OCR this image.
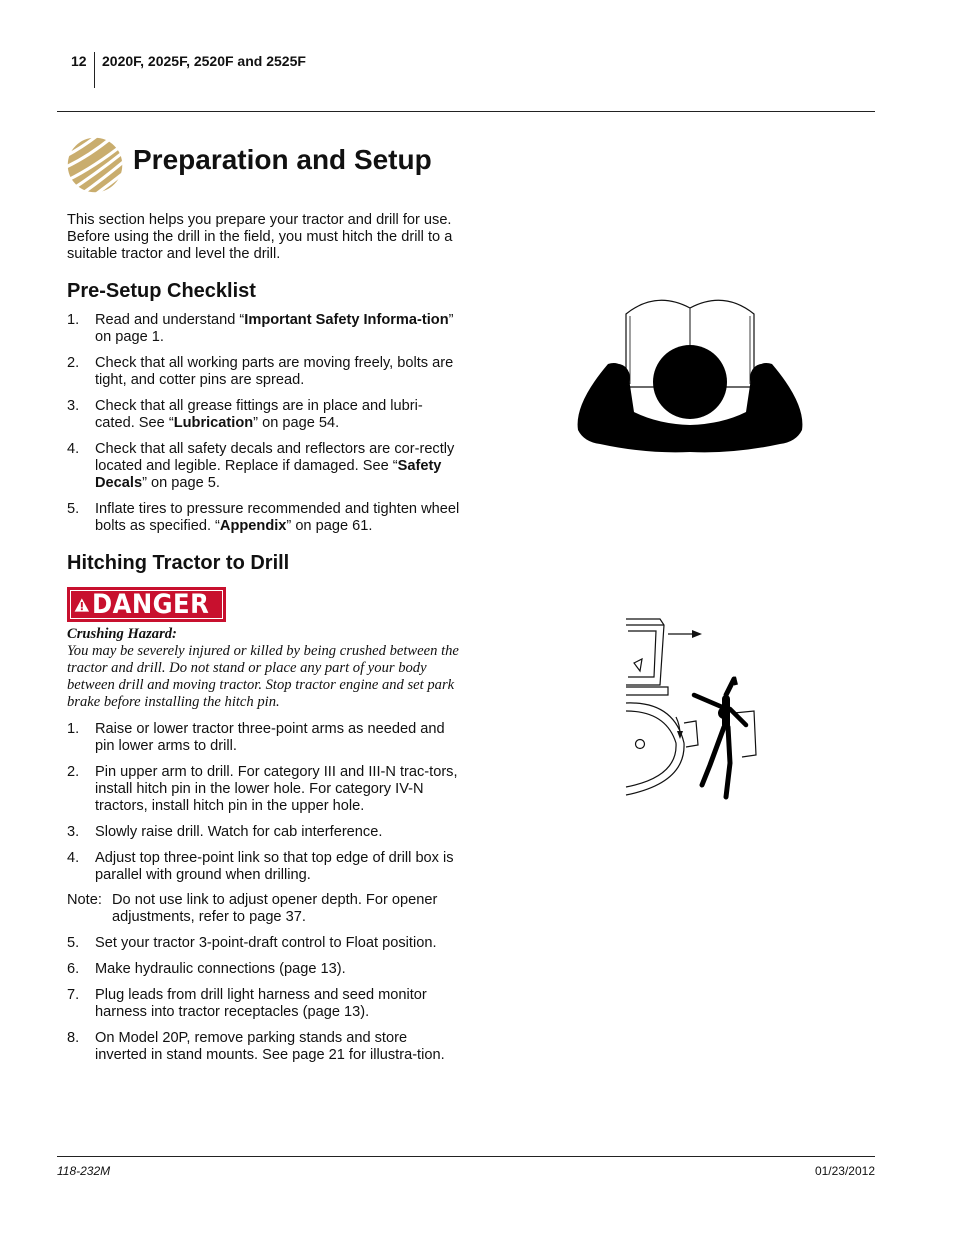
12 2020F, 2025F, 2520F and 2525F
Preparation and Setup
This section helps you prepare your tractor and drill for use. Before using the drill in the field, you must hitch the drill to a suitable tractor and level the drill.
Pre-Setup Checklist
1.	Read and understand “Important Safety Informa-tion” on page 1.
2.	Check that all working parts are moving freely, bolts are tight, and cotter pins are spread.
3.	Check that all grease fittings are in place and lubri-cated. See “Lubrication” on page 54.
4.	Check that all safety decals and reflectors are cor-rectly located and legible. Replace if damaged. See “Safety Decals” on page 5.
5.	Inflate tires to pressure recommended and tighten wheel bolts as specified. “Appendix” on page 61.
Hitching Tractor to Drill
DANGER
Crushing Hazard:
You may be severely injured or killed by being crushed between the tractor and drill. Do not stand or place any part of your body between drill and moving tractor. Stop tractor engine and set park brake before installing the hitch pin.
1.	Raise or lower tractor three-point arms as needed and pin lower arms to drill.
2.	Pin upper arm to drill. For category III and III-N trac-tors, install hitch pin in the lower hole. For category IV-N tractors, install hitch pin in the upper hole.
3.	Slowly raise drill. Watch for cab interference.
4.	Adjust top three-point link so that top edge of drill box is parallel with ground when drilling.
Note: Do not use link to adjust opener depth. For opener
adjustments, refer to page 37.
5.	Set your tractor 3-point-draft control to Float position.
6.	Make hydraulic connections (page 13).
7.	Plug leads from drill light harness and seed monitor harness into tractor receptacles (page 13).
8.	On Model 20P, remove parking stands and store inverted in stand mounts. See page 21 for illustra-tion.
118-232M	01/23/2012
